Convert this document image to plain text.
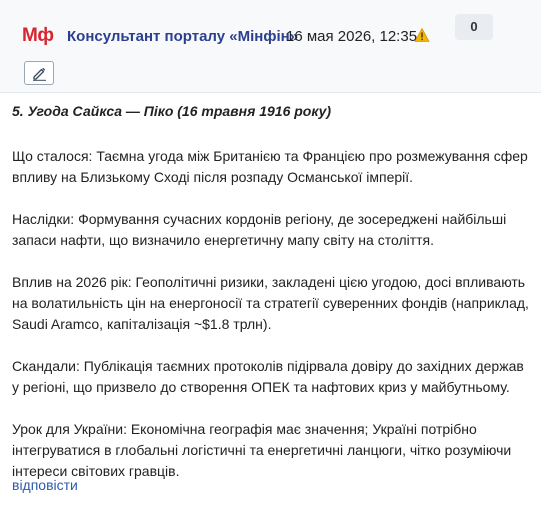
Мф Консультант порталу «Мінфін»
16 мая 2026, 12:35
0
5. Угода Сайкса — Піко (16 травня 1916 року)

Що сталося: Таємна угода між Британією та Францією про розмежування сфер впливу на Близькому Сході після розпаду Османської імперії.

Наслідки: Формування сучасних кордонів регіону, де зосереджені найбільші запаси нафти, що визначило енергетичну мапу світу на століття.

Вплив на 2026 рік: Геополітичні ризики, закладені цією угодою, досі впливають на волатильність цін на енергоносії та стратегії суверенних фондів (наприклад, Saudi Aramco, капіталізація ~$1.8 трлн).

Скандали: Публікація таємних протоколів підірвала довіру до західних держав у регіоні, що призвело до створення ОПЕК та нафтових криз у майбутньому.

Урок для України: Економічна географія має значення; Україні потрібно інтегруватися в глобальні логістичні та енергетичні ланцюги, чітко розуміючи інтереси світових гравців.

відповісти
